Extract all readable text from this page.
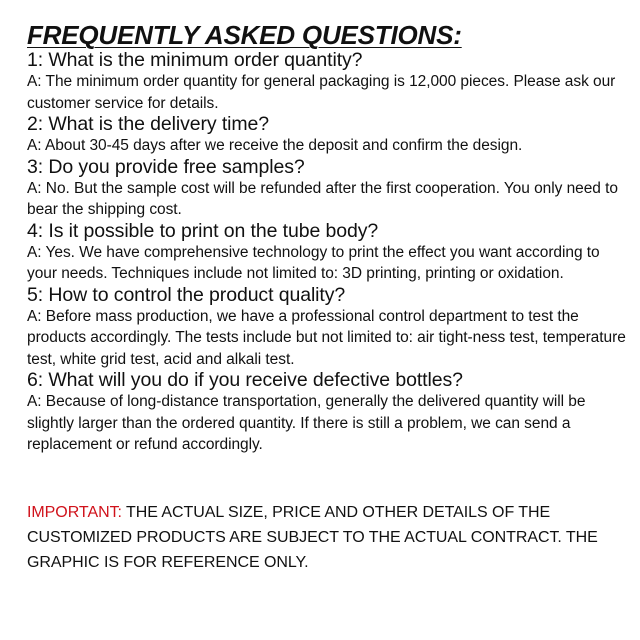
FREQUENTLY ASKED QUESTIONS:

1: What is the minimum order quantity?

A: The minimum order quantity for general packaging is 12,000 pieces. Please ask our customer service for details.

2: What is the delivery time?

A: About 30-45 days after we receive the deposit and confirm the design.

3: Do you provide free samples?

A: No. But the sample cost will be refunded after the first cooperation. You only need to bear the shipping cost.

4: Is it possible to print on the tube body?

A: Yes. We have comprehensive technology to print the effect you want according to your needs. Techniques include not limited to: 3D printing, printing or oxidation.

5: How to control the product quality?

A: Before mass production, we have a professional control department to test the products accordingly. The tests include but not limited to: air tight-ness test, temperature test, white grid test, acid and alkali test.

6: What will you do if you receive defective bottles?

A: Because of long-distance transportation, generally the delivered quantity will be slightly larger than the ordered quantity. If there is still a problem, we can send a replacement or refund accordingly.

IMPORTANT: THE ACTUAL SIZE, PRICE AND OTHER DETAILS OF THE CUSTOMIZED PRODUCTS ARE SUBJECT TO THE ACTUAL CONTRACT. THE GRAPHIC IS FOR REFERENCE ONLY.
